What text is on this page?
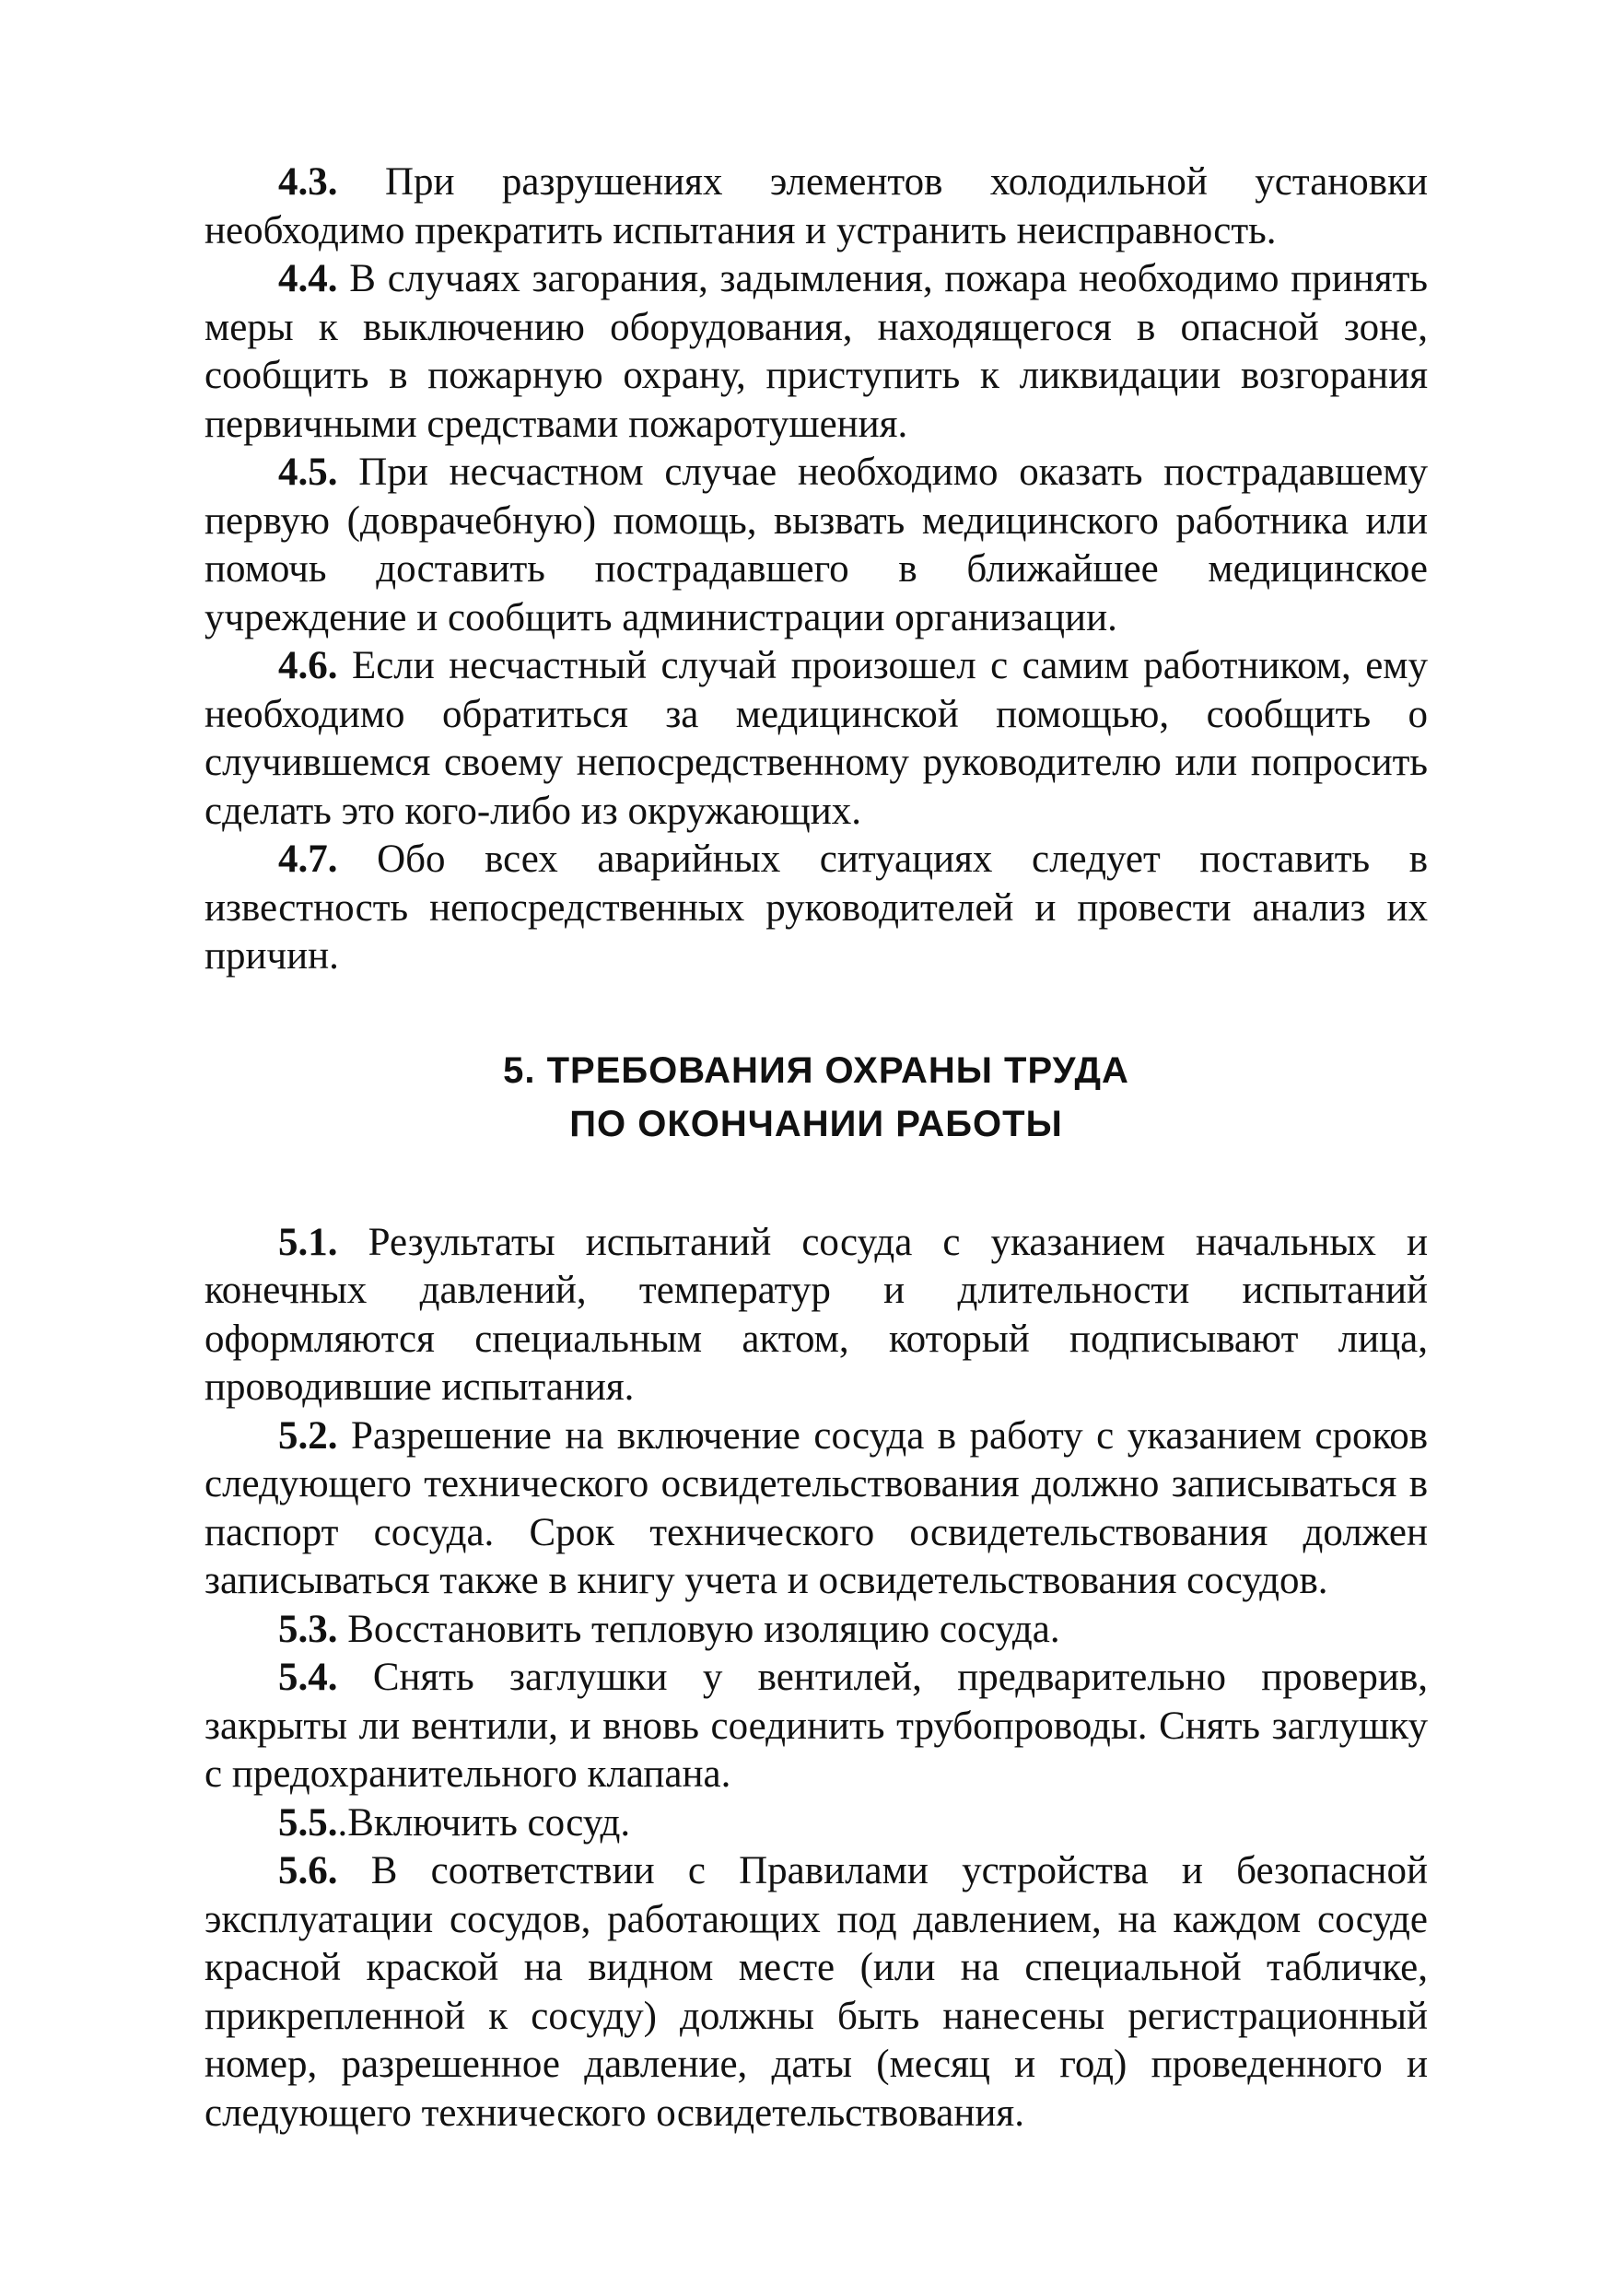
4.3. При разрушениях элементов холодильной установки необходимо прекратить испытания и устранить неисправность.

4.4. В случаях загорания, задымления, пожара необходимо принять меры к выключению оборудования, находящегося в опасной зоне, сообщить в пожарную охрану, приступить к ликвидации возгорания первичными средствами пожаротушения.

4.5. При несчастном случае необходимо оказать пострадавшему первую (доврачебную) помощь, вызвать медицинского работника или помочь доставить пострадавшего в ближайшее медицинское учреждение и сообщить администрации организации.

4.6. Если несчастный случай произошел с самим работником, ему необходимо обратиться за медицинской помощью, сообщить о случившемся своему непосредственному руководителю или попросить сделать это кого-либо из окружающих.

4.7. Обо всех аварийных ситуациях следует поставить в известность непосредственных руководителей и провести анализ их причин.

5. ТРЕБОВАНИЯ ОХРАНЫ ТРУДА
ПО ОКОНЧАНИИ РАБОТЫ

5.1. Результаты испытаний сосуда с указанием начальных и конечных давлений, температур и длительности испытаний оформляются специальным актом, который подписывают лица, проводившие испытания.

5.2. Разрешение на включение сосуда в работу с указанием сроков следующего технического освидетельствования должно записываться в паспорт сосуда. Срок технического освидетельствования должен записываться также в книгу учета и освидетельствования сосудов.

5.3. Восстановить тепловую изоляцию сосуда.

5.4. Снять заглушки у вентилей, предварительно проверив, закрыты ли вентили, и вновь соединить трубопроводы. Снять заглушку с предохранительного клапана.

5.5..Включить сосуд.

5.6. В соответствии с Правилами устройства и безопасной эксплуатации сосудов, работающих под давлением, на каждом сосуде красной краской на видном месте (или на специальной табличке, прикрепленной к сосуду) должны быть нанесены регистрационный номер, разрешенное давление, даты (месяц и год) проведенного и следующего технического освидетельствования.
